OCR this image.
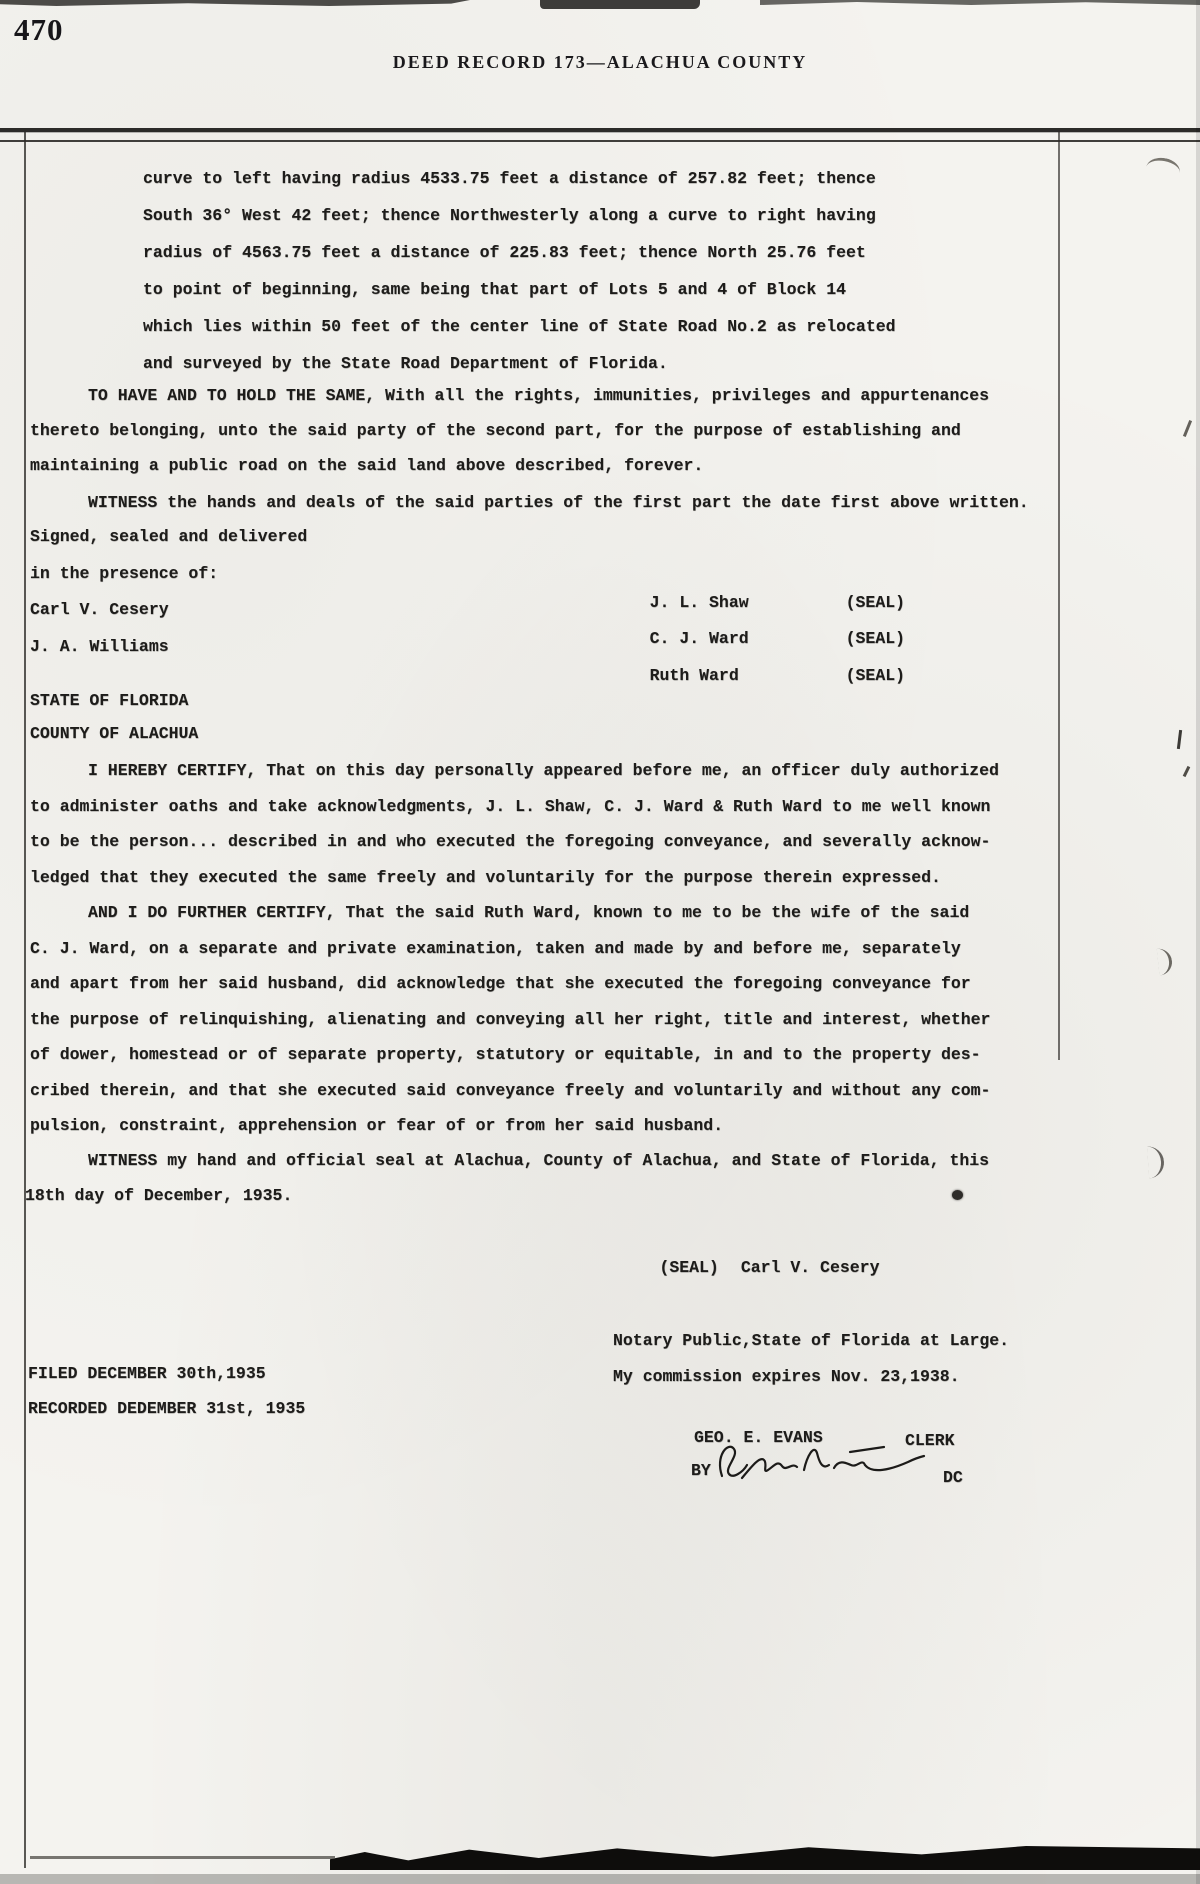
470
DEED RECORD 173—ALACHUA COUNTY
curve to left having radius 4533.75 feet a distance of 257.82 feet; thence
South 36° West 42 feet; thence Northwesterly along a curve to right having
radius of 4563.75 feet a distance of 225.83 feet; thence North 25.76 feet
to point of beginning, same being that part of Lots 5 and 4 of Block 14
which lies within 50 feet of the center line of State Road No.2 as relocated
and surveyed by the State Road Department of Florida.
TO HAVE AND TO HOLD THE SAME, With all the rights, immunities, privileges and appurtenances
thereto belonging, unto the said party of the second part, for the purpose of establishing and
maintaining a public road on the said land above described, forever.
WITNESS the hands and deals of the said parties of the first part the date first above written.
Signed, sealed and delivered
in the presence of:
Carl V. Cesery
J. A. Williams

J. L. Shaw	(SEAL)

C. J. Ward	(SEAL)

Ruth Ward	(SEAL)

STATE OF FLORIDA
COUNTY OF ALACHUA
I HEREBY CERTIFY, That on this day personally appeared before me, an officer duly authorized
to administer oaths and take acknowledgments, J. L. Shaw, C. J. Ward & Ruth Ward to me well known
to be the person... described in and who executed the foregoing conveyance, and severally acknow-
ledged that they executed the same freely and voluntarily for the purpose therein expressed.
AND I DO FURTHER CERTIFY, That the said Ruth Ward, known to me to be the wife of the said
C. J. Ward, on a separate and private examination, taken and made by and before me, separately
and apart from her said husband, did acknowledge that she executed the foregoing conveyance for
the purpose of relinquishing, alienating and conveying all her right, title and interest, whether
of dower, homestead or of separate property, statutory or equitable, in and to the property des-
cribed therein, and that she executed said conveyance freely and voluntarily and without any com-
pulsion, constraint, apprehension or fear of or from her said husband.
WITNESS my hand and official seal at Alachua, County of Alachua, and State of Florida, this
18th day of December, 1935.

(SEAL) Carl V. Cesery

Notary Public,State of Florida at Large.
My commission expires Nov. 23,1938.
FILED DECEMBER 30th,1935
RECORDED DEDEMBER 31st, 1935
GEO. E. EVANS	CLERK
BY	DC
